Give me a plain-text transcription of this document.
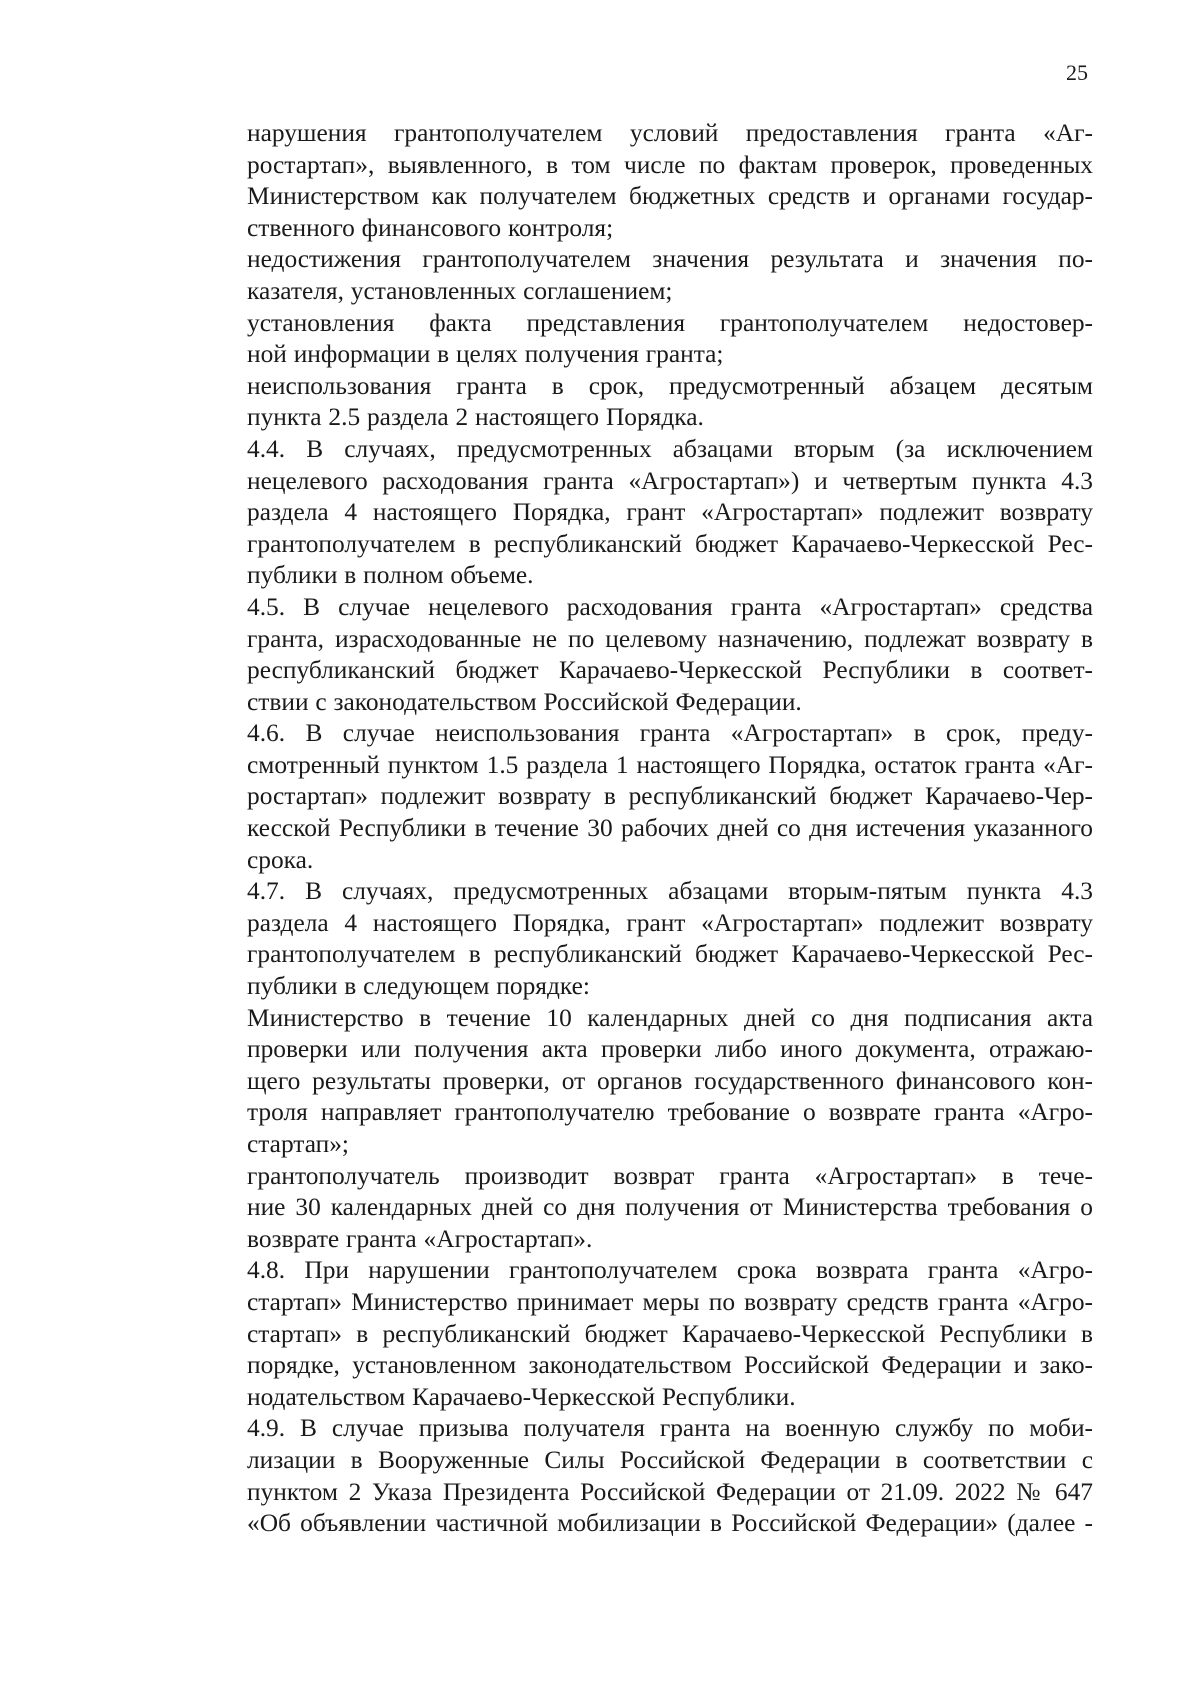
25

нарушения грантополучателем условий предоставления гранта «Аг-
ростартап», выявленного, в том числе по фактам проверок, проведенных
Министерством как получателем бюджетных средств и органами государ-
ственного финансового контроля;

недостижения грантополучателем значения результата и значения по-
казателя, установленных соглашением;

установления факта представления грантополучателем недостовер-
ной информации в целях получения гранта;

неиспользования гранта в срок, предусмотренный абзацем десятым
пункта 2.5 раздела 2 настоящего Порядка.

4.4. В случаях, предусмотренных абзацами вторым (за исключением
нецелевого расходования гранта «Агростартап») и четвертым пункта 4.3
раздела 4 настоящего Порядка, грант «Агростартап» подлежит возврату
грантополучателем в республиканский бюджет Карачаево-Черкесской Рес-
публики в полном объеме.

4.5. В случае нецелевого расходования гранта «Агростартап» средства
гранта, израсходованные не по целевому назначению, подлежат возврату в
республиканский бюджет Карачаево-Черкесской Республики в соответ-
ствии с законодательством Российской Федерации.

4.6. В случае неиспользования гранта «Агростартап» в срок, преду-
смотренный пунктом 1.5 раздела 1 настоящего Порядка, остаток гранта «Аг-
ростартап» подлежит возврату в республиканский бюджет Карачаево-Чер-
кесской Республики в течение 30 рабочих дней со дня истечения указанного
срока.

4.7. В случаях, предусмотренных абзацами вторым-пятым пункта 4.3
раздела 4 настоящего Порядка, грант «Агростартап» подлежит возврату
грантополучателем в республиканский бюджет Карачаево-Черкесской Рес-
публики в следующем порядке:

Министерство в течение 10 календарных дней со дня подписания акта
проверки или получения акта проверки либо иного документа, отражаю-
щего результаты проверки, от органов государственного финансового кон-
троля направляет грантополучателю требование о возврате гранта «Агро-
стартап»;

грантополучатель производит возврат гранта «Агростартап» в тече-
ние 30 календарных дней со дня получения от Министерства требования о
возврате гранта «Агростартап».

4.8. При нарушении грантополучателем срока возврата гранта «Агро-
стартап» Министерство принимает меры по возврату средств гранта «Агро-
стартап» в республиканский бюджет Карачаево-Черкесской Республики в
порядке, установленном законодательством Российской Федерации и зако-
нодательством Карачаево-Черкесской Республики.

4.9. В случае призыва получателя гранта на военную службу по моби-
лизации в Вооруженные Силы Российской Федерации в соответствии с
пунктом 2 Указа Президента Российской Федерации от 21.09. 2022 № 647
«Об объявлении частичной мобилизации в Российской Федерации» (далее -
